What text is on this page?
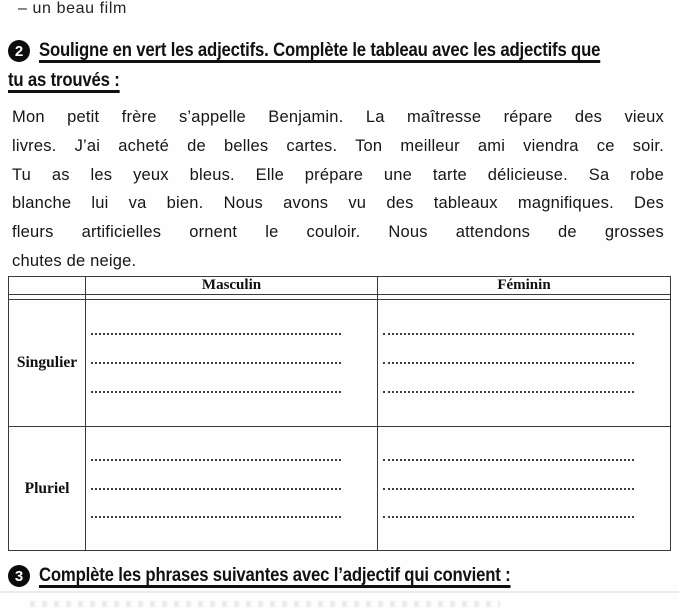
– un beau film
2 Souligne en vert les adjectifs. Complète le tableau avec les adjectifs que
tu as trouvés :
Mon petit frère s’appelle Benjamin. La maîtresse répare des vieux
livres. J’ai acheté de belles cartes. Ton meilleur ami viendra ce soir.
Tu as les yeux bleus. Elle prépare une tarte délicieuse. Sa robe
blanche lui va bien. Nous avons vu des tableaux magnifiques. Des
fleurs artificielles ornent le couloir. Nous attendons de grosses
chutes de neige.
	Masculin	Féminin

Singulier	

Pluriel	

3 Complète les phrases suivantes avec l’adjectif qui convient :
